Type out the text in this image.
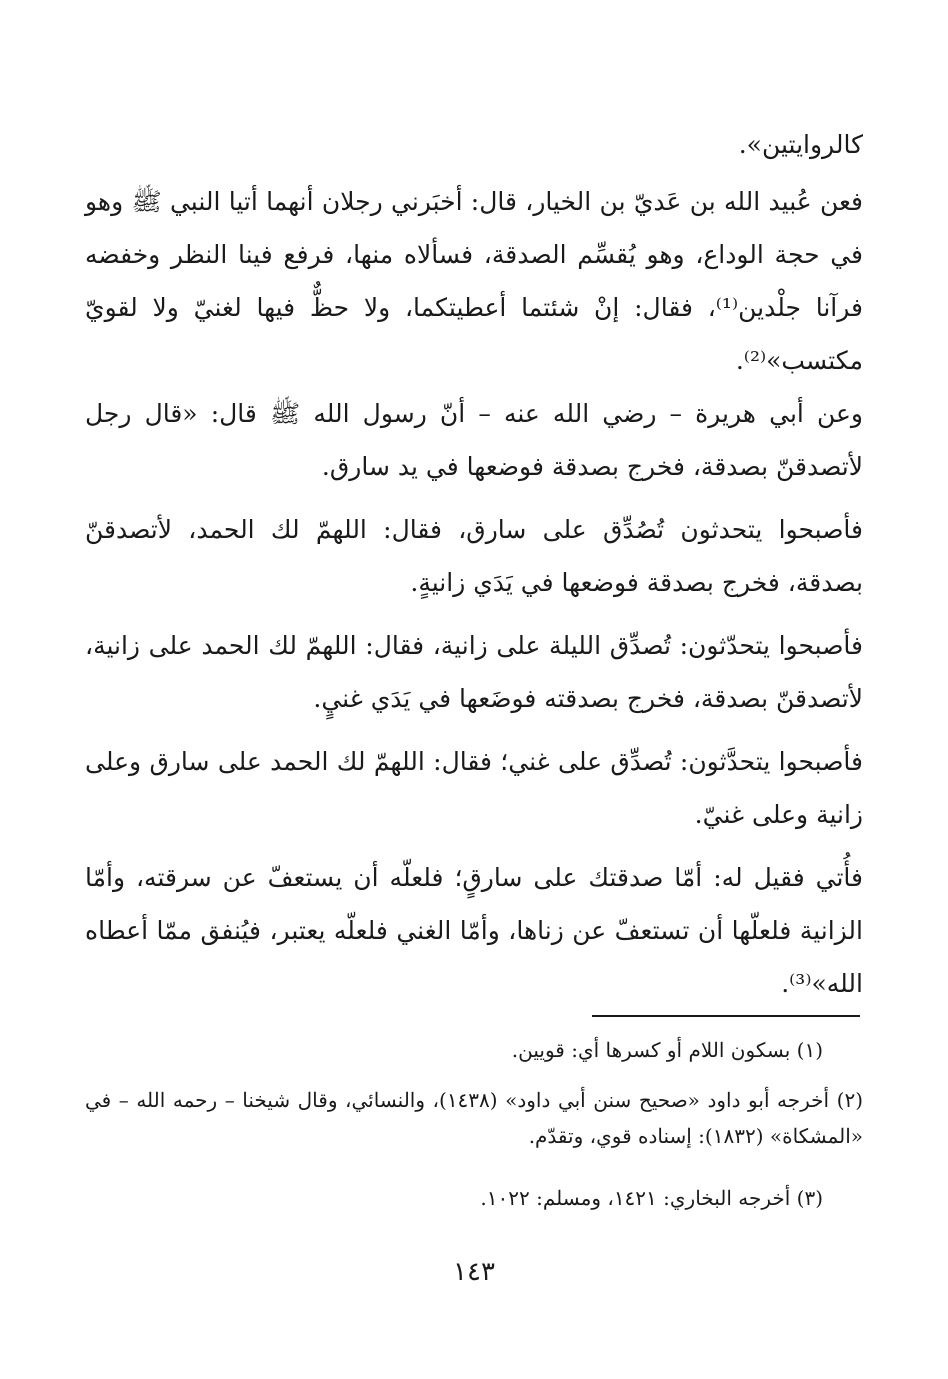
كالروايتين».

فعن عُبيد الله بن عَديّ بن الخيار، قال: أخبَرني رجلان أنهما أتيا النبي ﷺ وهو في حجة الوداع، وهو يُقسِّم الصدقة، فسألاه منها، فرفع فينا النظر وخفضه فرآنا جلْدين⁽¹⁾، فقال: إنْ شئتما أعطيتكما، ولا حظٌّ فيها لغنيّ ولا لقويّ مكتسب»⁽²⁾.

وعن أبي هريرة – رضي الله عنه – أنّ رسول الله ﷺ قال: «قال رجل لأتصدقنّ بصدقة، فخرج بصدقة فوضعها في يد سارق.

فأصبحوا يتحدثون تُصُدِّق على سارق، فقال: اللهمّ لك الحمد، لأتصدقنّ بصدقة، فخرج بصدقة فوضعها في يَدَي زانيةٍ.

فأصبحوا يتحدّثون: تُصدِّق الليلة على زانية، فقال: اللهمّ لك الحمد على زانية، لأتصدقنّ بصدقة، فخرج بصدقته فوضَعها في يَدَي غنيٍ.

فأصبحوا يتحدَّثون: تُصدِّق على غني؛ فقال: اللهمّ لك الحمد على سارق وعلى زانية وعلى غنيّ.

فأُتي فقيل له: أمّا صدقتك على سارقٍ؛ فلعلّه أن يستعفّ عن سرقته، وأمّا الزانية فلعلّها أن تستعفّ عن زناها، وأمّا الغني فلعلّه يعتبر، فيُنفق ممّا أعطاه الله»⁽³⁾.

(١) بسكون اللام أو كسرها أي: قويين.

(٢) أخرجه أبو داود «صحيح سنن أبي داود» (١٤٣٨)، والنسائي، وقال شيخنا – رحمه الله – في «المشكاة» (١٨٣٢): إسناده قوي، وتقدّم.

(٣) أخرجه البخاري: ١٤٢١، ومسلم: ١٠٢٢.

١٤٣
